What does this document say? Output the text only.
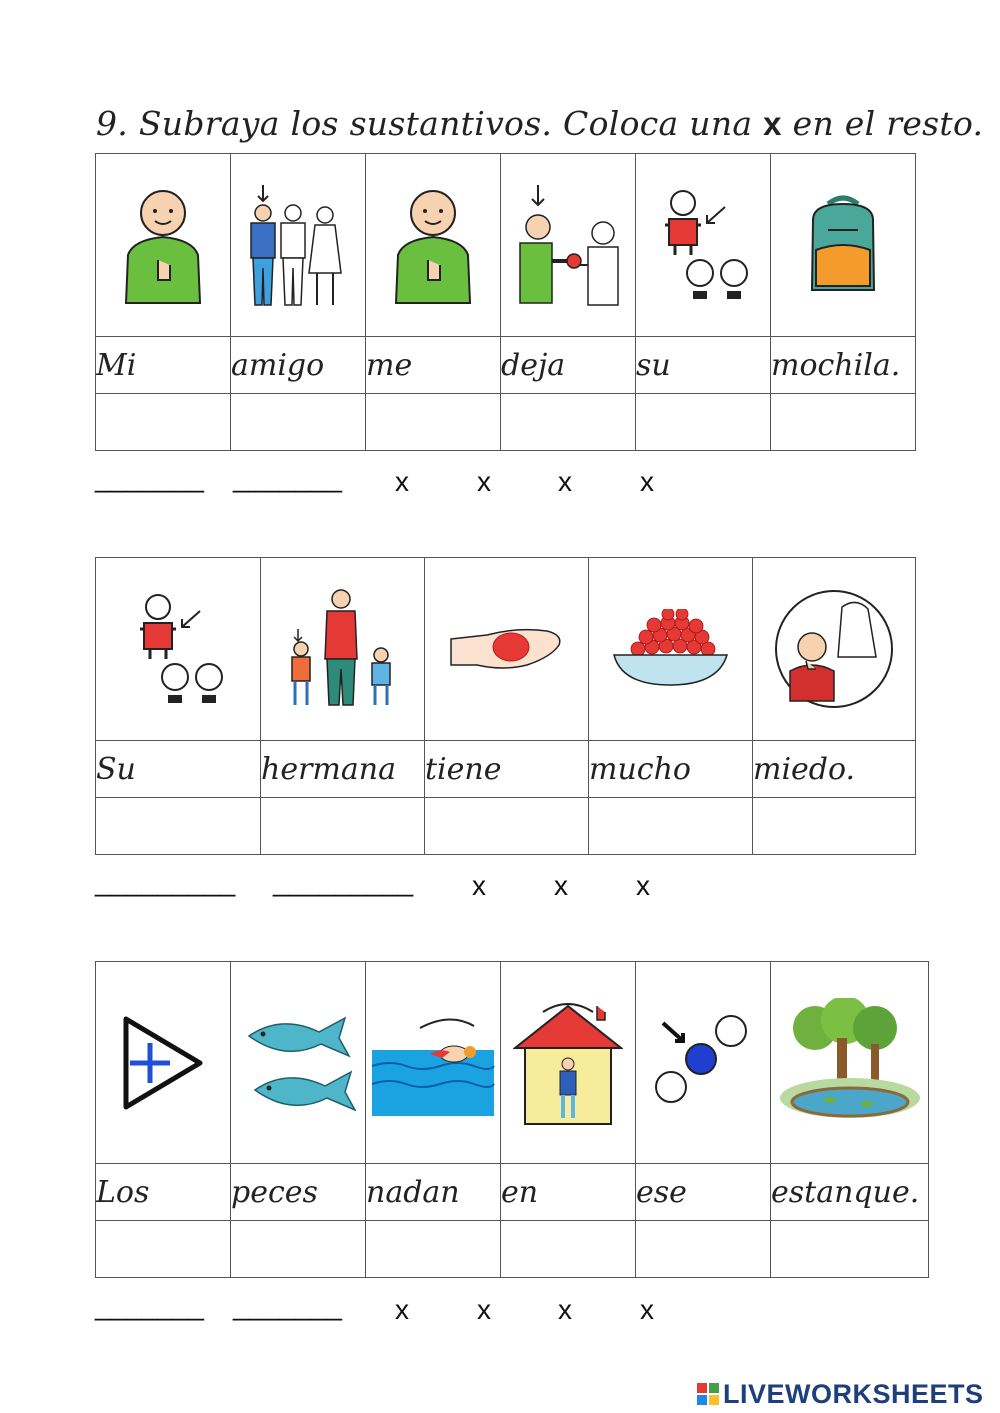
9. Subraya los sustantivos. Coloca una x en el resto.

Mi	amigo	me	deja	su	mochila.

_______ _______ x x x x

Su	hermana	tiene	mucho	miedo.

_________ _________ x x x

Los	peces	nadan	en	ese	estanque.

_______ _______ x x x x
LIVEWORKSHEETS
